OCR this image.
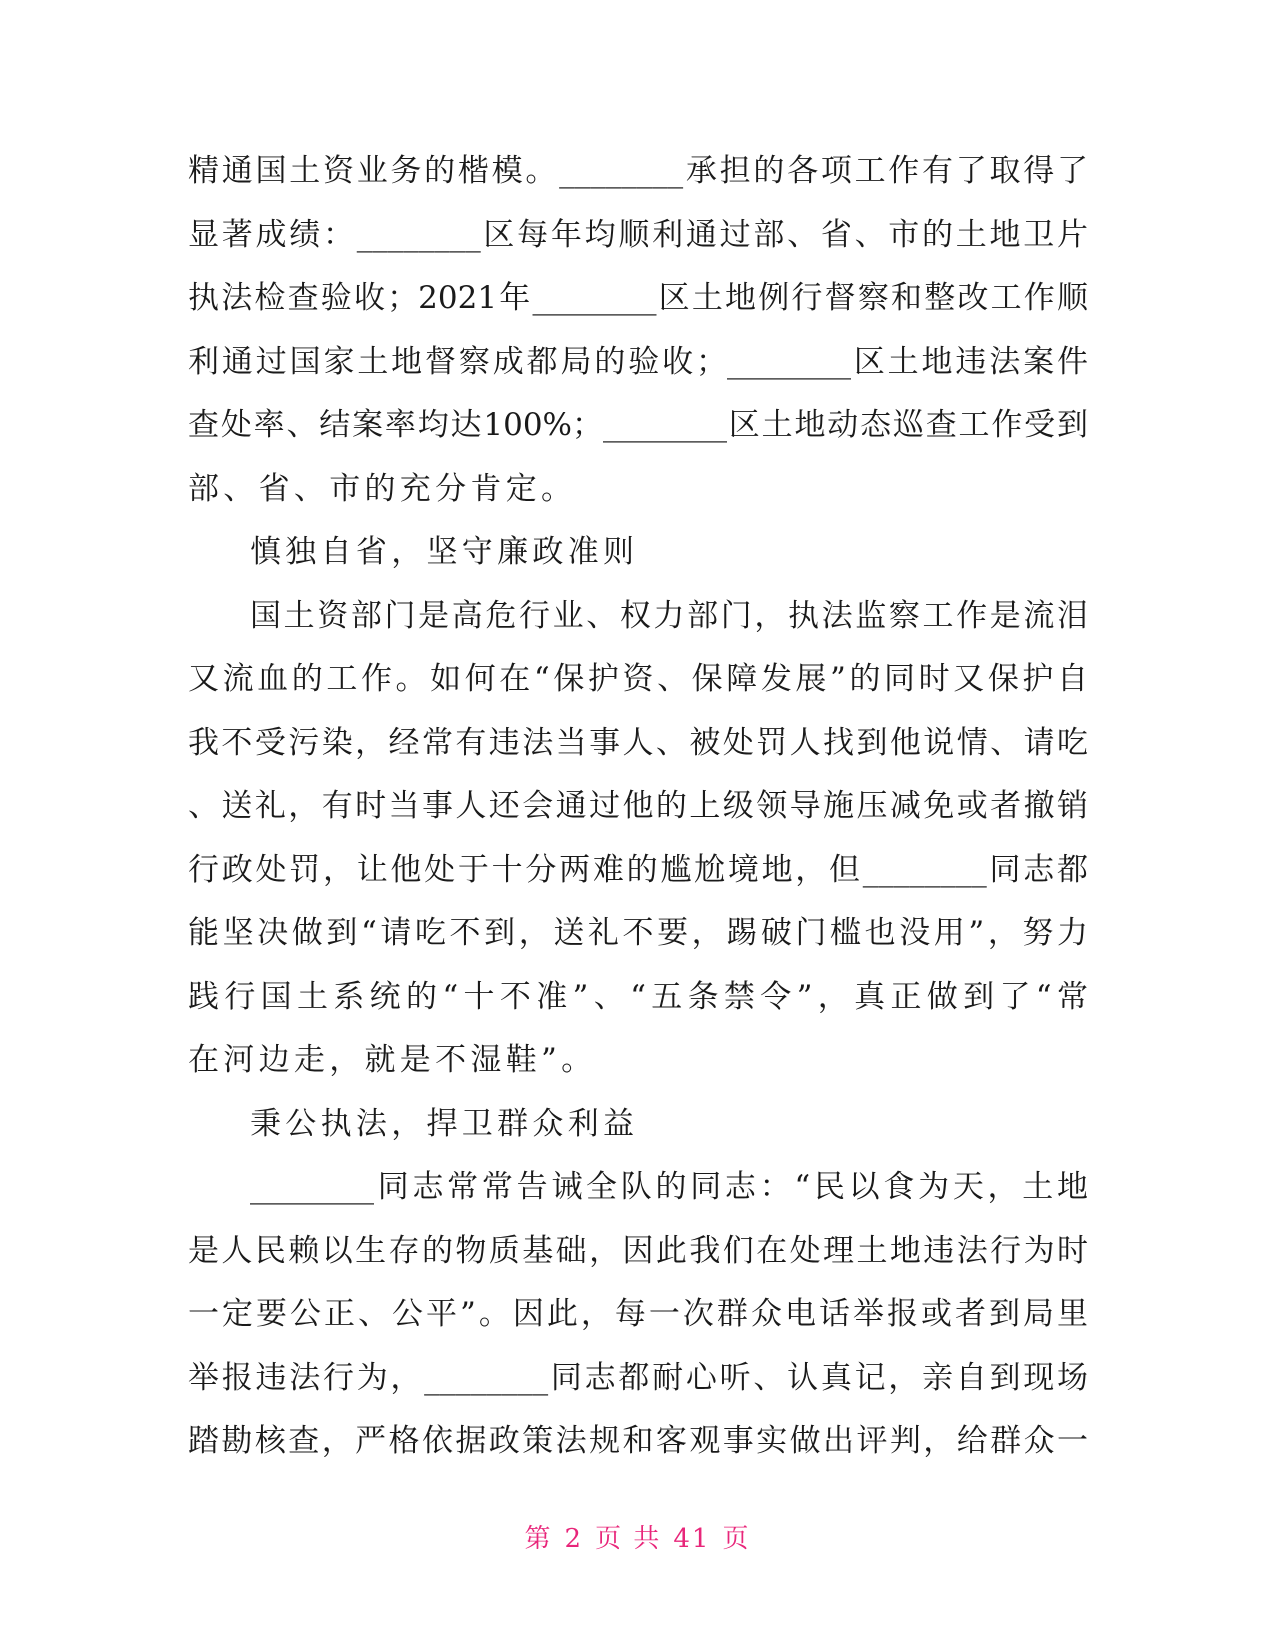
精通国土资业务的楷模。________承担的各项工作有了取得了

显著成绩：________区每年均顺利通过部、省、市的土地卫片

执法检查验收；2021年________区土地例行督察和整改工作顺

利通过国家土地督察成都局的验收；________区土地违法案件

查处率、结案率均达100%；________区土地动态巡查工作受到

部、省、市的充分肯定。

慎独自省，坚守廉政准则

国土资部门是高危行业、权力部门，执法监察工作是流泪

又流血的工作。如何在“保护资、保障发展”的同时又保护自

我不受污染，经常有违法当事人、被处罚人找到他说情、请吃

、送礼，有时当事人还会通过他的上级领导施压减免或者撤销

行政处罚，让他处于十分两难的尴尬境地，但________同志都

能坚决做到“请吃不到，送礼不要，踢破门槛也没用”，努力

践行国土系统的“十不准”、“五条禁令”，真正做到了“常

在河边走，就是不湿鞋”。

秉公执法，捍卫群众利益

________同志常常告诫全队的同志：“民以食为天，土地

是人民赖以生存的物质基础，因此我们在处理土地违法行为时

一定要公正、公平”。因此，每一次群众电话举报或者到局里

举报违法行为，________同志都耐心听、认真记，亲自到现场

踏勘核查，严格依据政策法规和客观事实做出评判，给群众一

第 2 页 共 41 页
